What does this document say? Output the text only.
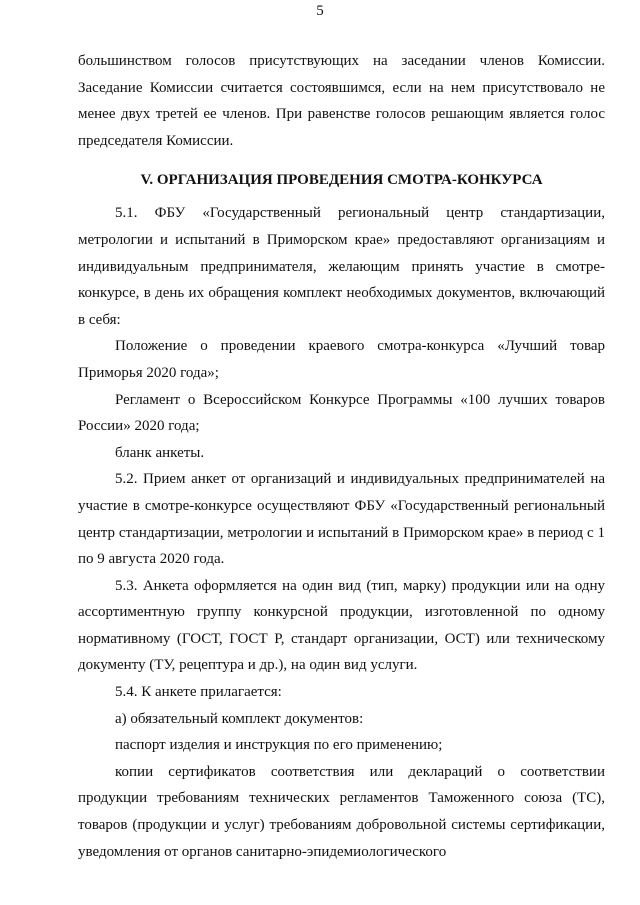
5

большинством голосов присутствующих на заседании членов Комиссии. Заседание Комиссии считается состоявшимся, если на нем присутствовало не менее двух третей ее членов. При равенстве голосов решающим является голос председателя Комиссии.

V. ОРГАНИЗАЦИЯ ПРОВЕДЕНИЯ СМОТРА-КОНКУРСА

5.1. ФБУ «Государственный региональный центр стандартизации, метрологии и испытаний в Приморском крае» предоставляют организациям и индивидуальным предпринимателя, желающим принять участие в смотре-конкурсе, в день их обращения комплект необходимых документов, включающий в себя:

Положение о проведении краевого смотра-конкурса «Лучший товар Приморья 2020 года»;

Регламент о Всероссийском Конкурсе Программы «100 лучших товаров России» 2020 года;

бланк анкеты.

5.2. Прием анкет от организаций и индивидуальных предпринимателей на участие в смотре-конкурсе осуществляют ФБУ «Государственный региональный центр стандартизации, метрологии и испытаний в Приморском крае» в период с 1 по 9 августа 2020 года.

5.3. Анкета оформляется на один вид (тип, марку) продукции или на одну ассортиментную группу конкурсной продукции, изготовленной по одному нормативному (ГОСТ, ГОСТ Р, стандарт организации, ОСТ) или техническому документу (ТУ, рецептура и др.), на один вид услуги.

5.4. К анкете прилагается:

а) обязательный комплект документов:

паспорт изделия и инструкция по его применению;

копии сертификатов соответствия или деклараций о соответствии продукции требованиям технических регламентов Таможенного союза (ТС), товаров (продукции и услуг) требованиям добровольной системы сертификации, уведомления от органов санитарно-эпидемиологического
